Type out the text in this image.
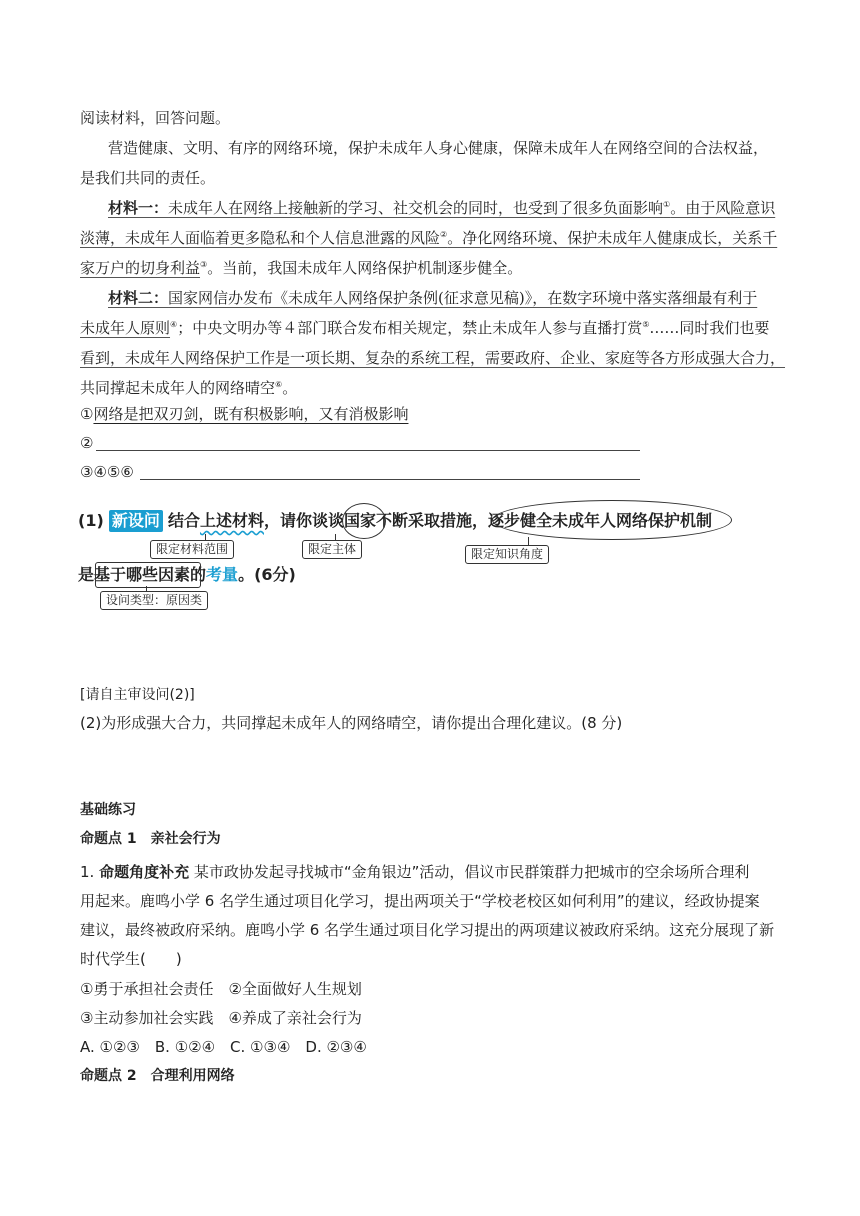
阅读材料，回答问题。

营造健康、文明、有序的网络环境，保护未成年人身心健康，保障未成年人在网络空间的合法权益，

是我们共同的责任。

材料一：未成年人在网络上接触新的学习、社交机会的同时，也受到了很多负面影响①。由于风险意识

淡薄，未成年人面临着更多隐私和个人信息泄露的风险②。净化网络环境、保护未成年人健康成长，关系千

家万户的切身利益③。当前，我国未成年人网络保护机制逐步健全。

材料二：国家网信办发布《未成年人网络保护条例(征求意见稿)》，在数字环境中落实落细最有利于

未成年人原则④；中央文明办等４部门联合发布相关规定，禁止未成年人参与直播打赏⑤……同时我们也要

看到，未成年人网络保护工作是一项长期、复杂的系统工程，需要政府、企业、家庭等各方形成强大合力，

共同撑起未成年人的网络晴空⑥。

①网络是把双刃剑，既有积极影响，又有消极影响

②

③④⑤⑥

(1) 新设问 结合上述材料，请你谈谈国家不断采取措施，逐步健全未成年人网络保护机制
限定材料范围	限定主体	限定知识角度
是基于哪些因素的考量。(6分)
设问类型：原因类

[请自主审设问(2)]

(2)为形成强大合力，共同撑起未成年人的网络晴空，请你提出合理化建议。(8 分)

基础练习

命题点 1　亲社会行为

1. 命题角度补充 某市政协发起寻找城市“金角银边”活动，倡议市民群策群力把城市的空余场所合理利

用起来。鹿鸣小学 6 名学生通过项目化学习，提出两项关于“学校老校区如何利用”的建议，经政协提案

建议，最终被政府采纳。鹿鸣小学 6 名学生通过项目化学习提出的两项建议被政府采纳。这充分展现了新

时代学生(　　)

①勇于承担社会责任　②全面做好人生规划

③主动参加社会实践　④养成了亲社会行为

A. ①②③　B. ①②④　C. ①③④　D. ②③④

命题点 2　合理利用网络
